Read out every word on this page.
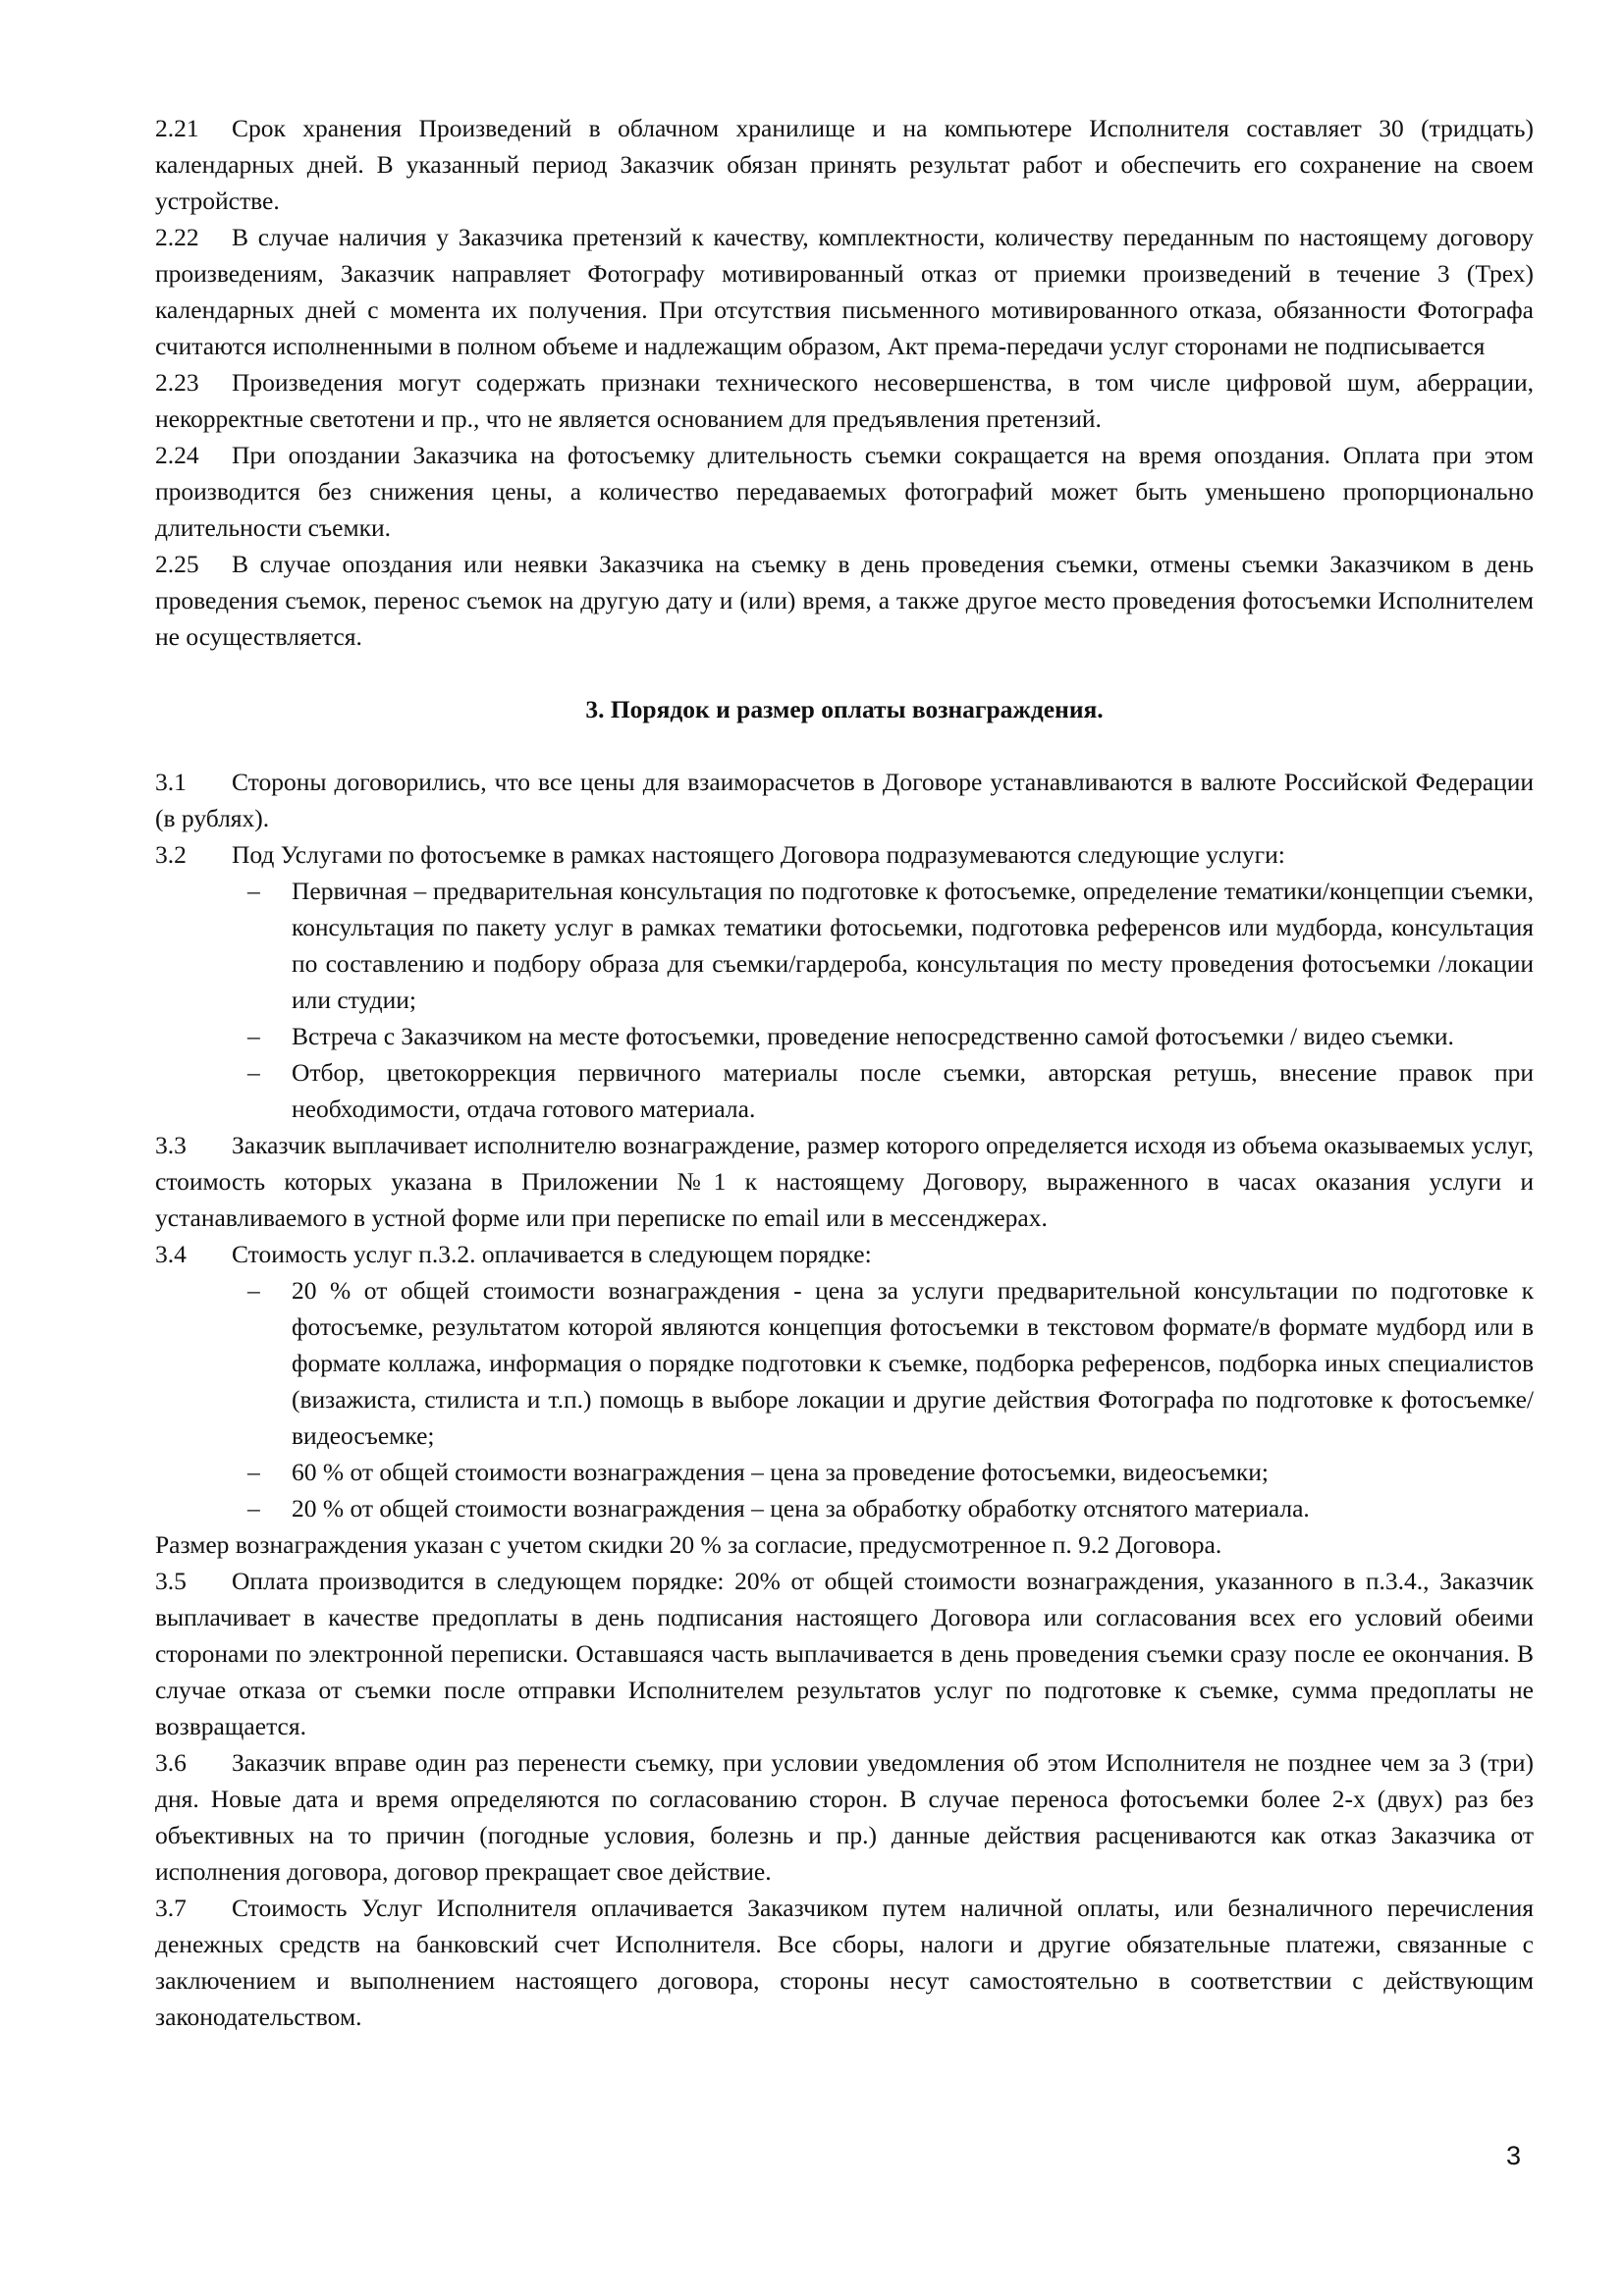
2.21 Срок хранения Произведений в облачном хранилище и на компьютере Исполнителя составляет 30 (тридцать) календарных дней. В указанный период Заказчик обязан принять результат работ и обеспечить его сохранение на своем устройстве.

2.22 В случае наличия у Заказчика претензий к качеству, комплектности, количеству переданным по настоящему договору произведениям, Заказчик направляет Фотографу мотивированный отказ от приемки произведений в течение 3 (Трех) календарных дней с момента их получения. При отсутствия письменного мотивированного отказа, обязанности Фотографа считаются исполненными в полном объеме и надлежащим образом, Акт према-передачи услуг сторонами не подписывается

2.23 Произведения могут содержать признаки технического несовершенства, в том числе цифровой шум, аберрации, некорректные светотени и пр., что не является основанием для предъявления претензий.

2.24 При опоздании Заказчика на фотосъемку длительность съемки сокращается на время опоздания. Оплата при этом производится без снижения цены, а количество передаваемых фотографий может быть уменьшено пропорционально длительности съемки.

2.25 В случае опоздания или неявки Заказчика на съемку в день проведения съемки, отмены съемки Заказчиком в день проведения съемок, перенос съемок на другую дату и (или) время, а также другое место проведения фотосъемки Исполнителем не осуществляется.

3. Порядок и размер оплаты вознаграждения.

3.1 Стороны договорились, что все цены для взаиморасчетов в Договоре устанавливаются в валюте Российской Федерации (в рублях).

3.2 Под Услугами по фотосъемке в рамках настоящего Договора подразумеваются следующие услуги:

– Первичная – предварительная консультация по подготовке к фотосъемке, определение тематики/концепции съемки, консультация по пакету услуг в рамках тематики фотосьемки, подготовка референсов или мудборда, консультация по составлению и подбору образа для съемки/гардероба, консультация по месту проведения фотосъемки /локации или студии;
– Встреча с Заказчиком на месте фотосъемки, проведение непосредственно самой фотосъемки / видео съемки.
– Отбор, цветокоррекция первичного материалы после съемки, авторская ретушь, внесение правок при необходимости, отдача готового материала.

3.3 Заказчик выплачивает исполнителю вознаграждение, размер которого определяется исходя из объема оказываемых услуг, стоимость которых указана в Приложении №1 к настоящему Договору, выраженного в часах оказания услуги и устанавливаемого в устной форме или при переписке по email или в мессенджерах.

3.4 Стоимость услуг п.3.2. оплачивается в следующем порядке:

– 20 % от общей стоимости вознаграждения - цена за услуги предварительной консультации по подготовке к фотосъемке, результатом которой являются концепция фотосъемки в текстовом формате/в формате мудборд или в формате коллажа, информация о порядке подготовки к съемке, подборка референсов, подборка иных специалистов (визажиста, стилиста и т.п.) помощь в выборе локации и другие действия Фотографа по подготовке к фотосъемке/ видеосъемке;
– 60 % от общей стоимости вознаграждения – цена за проведение фотосъемки, видеосъемки;
– 20 % от общей стоимости вознаграждения – цена за обработку обработку отснятого материала.

Размер вознаграждения указан с учетом скидки 20 % за согласие, предусмотренное п. 9.2 Договора.

3.5 Оплата производится в следующем порядке: 20% от общей стоимости вознаграждения, указанного в п.3.4., Заказчик выплачивает в качестве предоплаты в день подписания настоящего Договора или согласования всех его условий обеими сторонами по электронной переписки. Оставшаяся часть выплачивается в день проведения съемки сразу после ее окончания. В случае отказа от съемки после отправки Исполнителем результатов услуг по подготовке к съемке, сумма предоплаты не возвращается.

3.6 Заказчик вправе один раз перенести съемку, при условии уведомления об этом Исполнителя не позднее чем за 3 (три) дня. Новые дата и время определяются по согласованию сторон. В случае переноса фотосъемки более 2-х (двух) раз без объективных на то причин (погодные условия, болезнь и пр.) данные действия расцениваются как отказ Заказчика от исполнения договора, договор прекращает свое действие.

3.7 Стоимость Услуг Исполнителя оплачивается Заказчиком путем наличной оплаты, или безналичного перечисления денежных средств на банковский счет Исполнителя. Все сборы, налоги и другие обязательные платежи, связанные с заключением и выполнением настоящего договора, стороны несут самостоятельно в соответствии с действующим законодательством.

3
